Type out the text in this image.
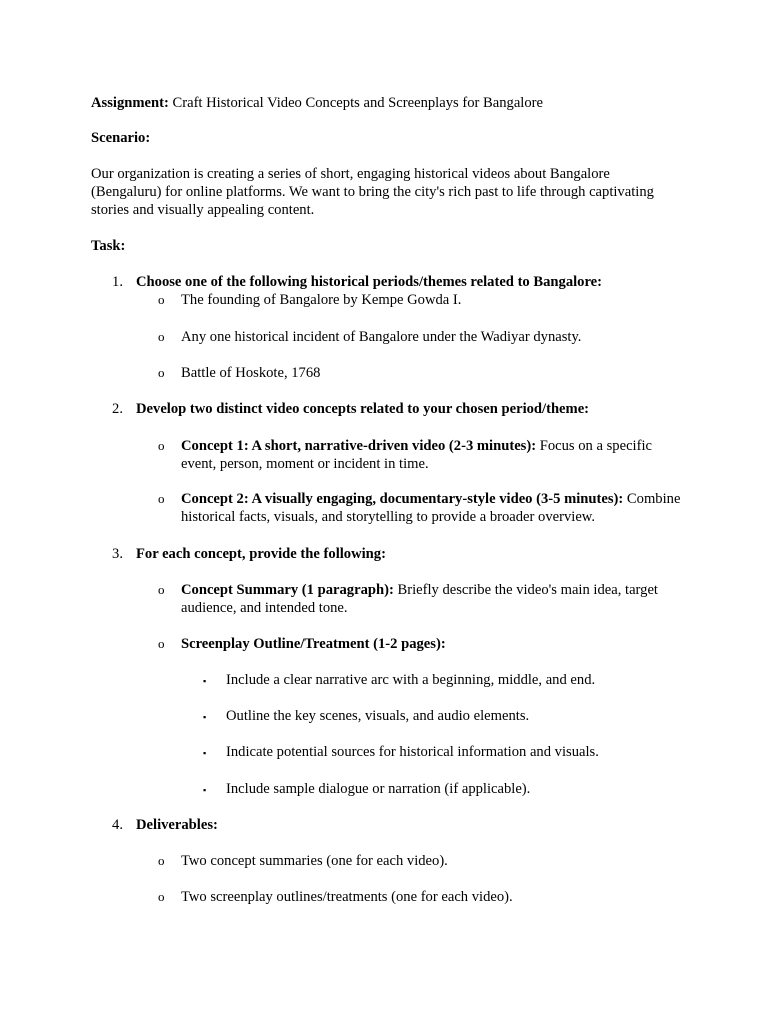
Assignment: Craft Historical Video Concepts and Screenplays for Bangalore
Scenario:
Our organization is creating a series of short, engaging historical videos about Bangalore (Bengaluru) for online platforms. We want to bring the city's rich past to life through captivating stories and visually appealing content.
Task:
1. Choose one of the following historical periods/themes related to Bangalore:
o The founding of Bangalore by Kempe Gowda I.
o Any one historical incident of Bangalore under the Wadiyar dynasty.
o Battle of Hoskote, 1768
2. Develop two distinct video concepts related to your chosen period/theme:
o Concept 1: A short, narrative-driven video (2-3 minutes): Focus on a specific event, person, moment or incident in time.
o Concept 2: A visually engaging, documentary-style video (3-5 minutes): Combine historical facts, visuals, and storytelling to provide a broader overview.
3. For each concept, provide the following:
o Concept Summary (1 paragraph): Briefly describe the video's main idea, target audience, and intended tone.
o Screenplay Outline/Treatment (1-2 pages):
▪ Include a clear narrative arc with a beginning, middle, and end.
▪ Outline the key scenes, visuals, and audio elements.
▪ Indicate potential sources for historical information and visuals.
▪ Include sample dialogue or narration (if applicable).
4. Deliverables:
o Two concept summaries (one for each video).
o Two screenplay outlines/treatments (one for each video).
